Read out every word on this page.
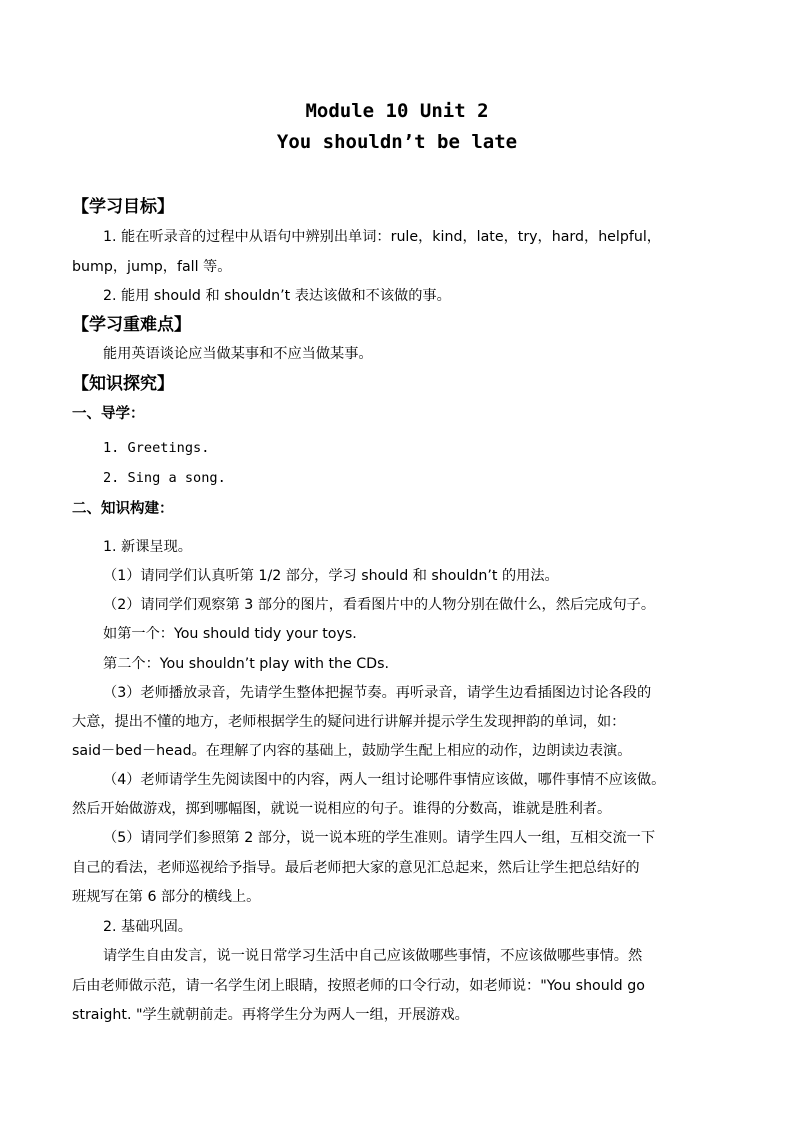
Module 10 Unit 2
You shouldn’t be late
【学习目标】
1. 能在听录音的过程中从语句中辨别出单词：rule，kind，late，try，hard，helpful，
bump，jump，fall 等。
2. 能用 should 和 shouldn’t 表达该做和不该做的事。
【学习重难点】
能用英语谈论应当做某事和不应当做某事。
【知识探究】
一、导学：
1. Greetings.
2. Sing a song.
二、知识构建：
1. 新课呈现。
（1）请同学们认真听第 1/2 部分，学习 should 和 shouldn’t 的用法。
（2）请同学们观察第 3 部分的图片，看看图片中的人物分别在做什么，然后完成句子。
如第一个：You should tidy your toys.
第二个：You shouldn’t play with the CDs.
（3）老师播放录音，先请学生整体把握节奏。再听录音，请学生边看插图边讨论各段的
大意，提出不懂的地方，老师根据学生的疑问进行讲解并提示学生发现押韵的单词，如：
said－bed－head。在理解了内容的基础上，鼓励学生配上相应的动作，边朗读边表演。
（4）老师请学生先阅读图中的内容，两人一组讨论哪件事情应该做，哪件事情不应该做。
然后开始做游戏，掷到哪幅图，就说一说相应的句子。谁得的分数高，谁就是胜利者。
（5）请同学们参照第 2 部分，说一说本班的学生准则。请学生四人一组，互相交流一下
自己的看法，老师巡视给予指导。最后老师把大家的意见汇总起来，然后让学生把总结好的
班规写在第 6 部分的横线上。
2. 基础巩固。
请学生自由发言，说一说日常学习生活中自己应该做哪些事情，不应该做哪些事情。然
后由老师做示范，请一名学生闭上眼睛，按照老师的口令行动，如老师说："You should go
straight. "学生就朝前走。再将学生分为两人一组，开展游戏。
